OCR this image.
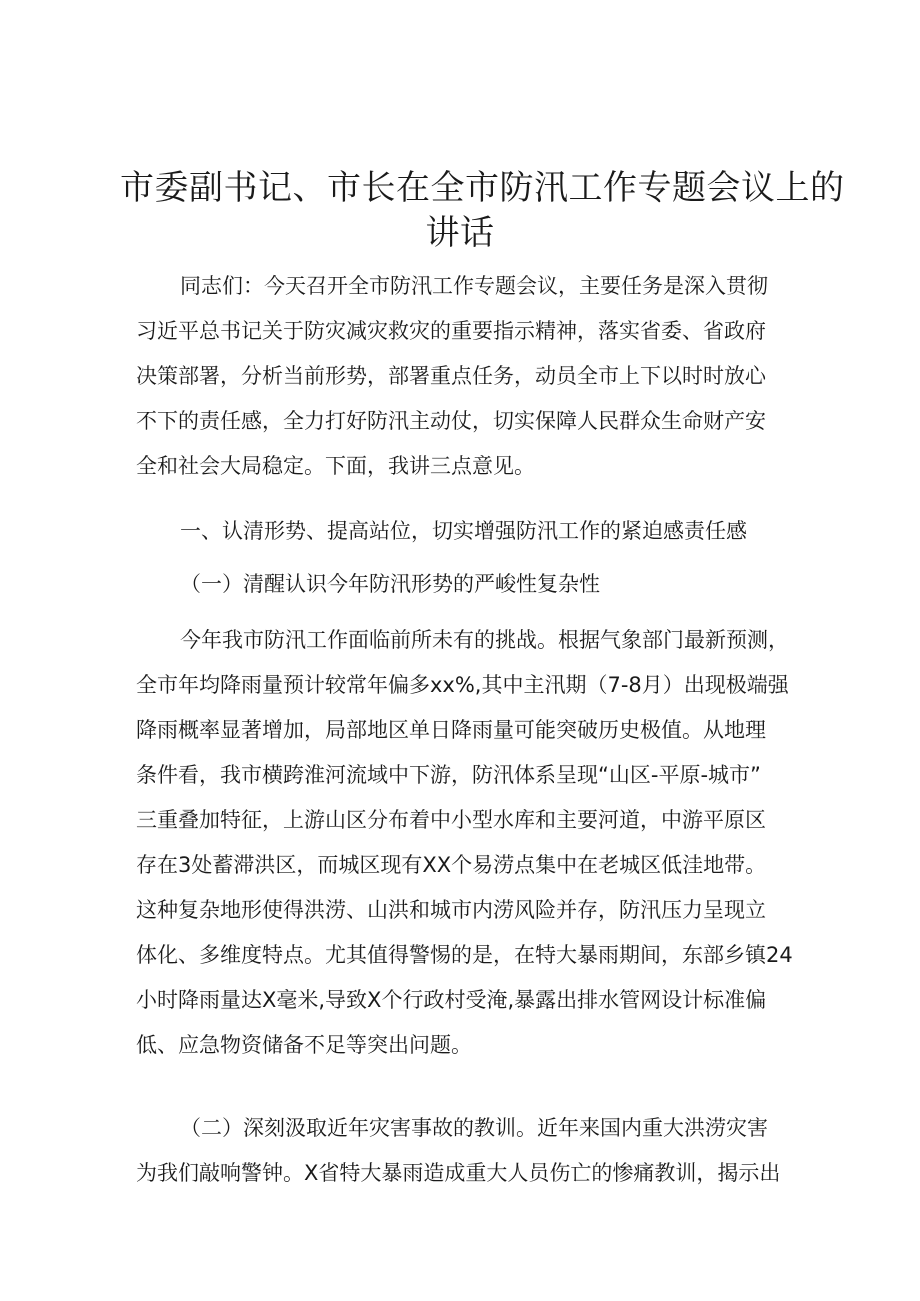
市委副书记、市长在全市防汛工作专题会议上的
讲话
同志们：今天召开全市防汛工作专题会议，主要任务是深入贯彻
习近平总书记关于防灾减灾救灾的重要指示精神，落实省委、省政府
决策部署，分析当前形势，部署重点任务，动员全市上下以时时放心
不下的责任感，全力打好防汛主动仗，切实保障人民群众生命财产安
全和社会大局稳定。下面，我讲三点意见。
一、认清形势、提高站位，切实增强防汛工作的紧迫感责任感
（一）清醒认识今年防汛形势的严峻性复杂性
今年我市防汛工作面临前所未有的挑战。根据气象部门最新预测，
全市年均降雨量预计较常年偏多xx%,其中主汛期（7-8月）出现极端强
降雨概率显著增加，局部地区单日降雨量可能突破历史极值。从地理
条件看，我市横跨淮河流域中下游，防汛体系呈现“山区-平原-城市”
三重叠加特征，上游山区分布着中小型水库和主要河道，中游平原区
存在3处蓄滞洪区，而城区现有XX个易涝点集中在老城区低洼地带。
这种复杂地形使得洪涝、山洪和城市内涝风险并存，防汛压力呈现立
体化、多维度特点。尤其值得警惕的是，在特大暴雨期间，东部乡镇24
小时降雨量达X毫米,导致X个行政村受淹,暴露出排水管网设计标准偏
低、应急物资储备不足等突出问题。
（二）深刻汲取近年灾害事故的教训。近年来国内重大洪涝灾害
为我们敲响警钟。X省特大暴雨造成重大人员伤亡的惨痛教训，揭示出
